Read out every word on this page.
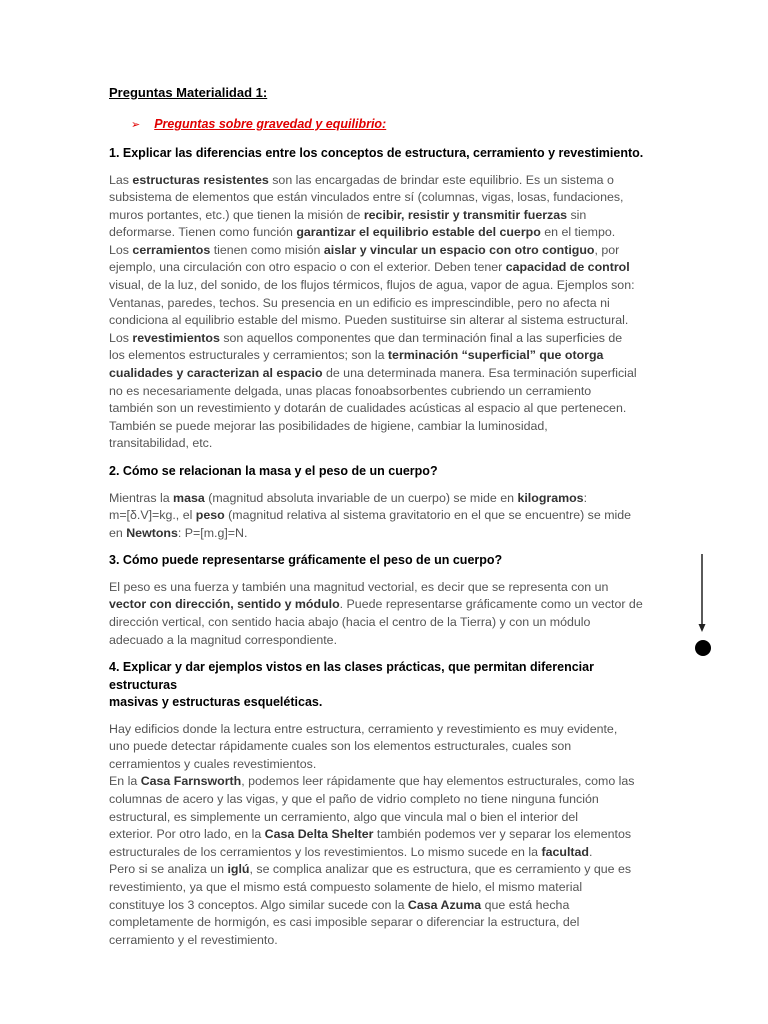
Preguntas Materialidad 1:
➢ Preguntas sobre gravedad y equilibrio:
1. Explicar las diferencias entre los conceptos de estructura, cerramiento y revestimiento.

Las estructuras resistentes son las encargadas de brindar este equilibrio. Es un sistema o
subsistema de elementos que están vinculados entre sí (columnas, vigas, losas, fundaciones,
muros portantes, etc.) que tienen la misión de recibir, resistir y transmitir fuerzas sin
deformarse. Tienen como función garantizar el equilibrio estable del cuerpo en el tiempo.
Los cerramientos tienen como misión aislar y vincular un espacio con otro contiguo, por
ejemplo, una circulación con otro espacio o con el exterior. Deben tener capacidad de control
visual, de la luz, del sonido, de los flujos térmicos, flujos de agua, vapor de agua. Ejemplos son:
Ventanas, paredes, techos. Su presencia en un edificio es imprescindible, pero no afecta ni
condiciona al equilibrio estable del mismo. Pueden sustituirse sin alterar al sistema estructural.
Los revestimientos son aquellos componentes que dan terminación final a las superficies de
los elementos estructurales y cerramientos; son la terminación “superficial” que otorga
cualidades y caracterizan al espacio de una determinada manera. Esa terminación superficial
no es necesariamente delgada, unas placas fonoabsorbentes cubriendo un cerramiento
también son un revestimiento y dotarán de cualidades acústicas al espacio al que pertenecen.
También se puede mejorar las posibilidades de higiene, cambiar la luminosidad,
transitabilidad, etc.

2. Cómo se relacionan la masa y el peso de un cuerpo?

Mientras la masa (magnitud absoluta invariable de un cuerpo) se mide en kilogramos:
m=[δ.V]=kg., el peso (magnitud relativa al sistema gravitatorio en el que se encuentre) se mide
en Newtons: P=[m.g]=N.

3. Cómo puede representarse gráficamente el peso de un cuerpo?

El peso es una fuerza y también una magnitud vectorial, es decir que se representa con un
vector con dirección, sentido y módulo. Puede representarse gráficamente como un vector de
dirección vertical, con sentido hacia abajo (hacia el centro de la Tierra) y con un módulo
adecuado a la magnitud correspondiente.

4. Explicar y dar ejemplos vistos en las clases prácticas, que permitan diferenciar estructuras
masivas y estructuras esqueléticas.

Hay edificios donde la lectura entre estructura, cerramiento y revestimiento es muy evidente,
uno puede detectar rápidamente cuales son los elementos estructurales, cuales son
cerramientos y cuales revestimientos.
En la Casa Farnsworth, podemos leer rápidamente que hay elementos estructurales, como las
columnas de acero y las vigas, y que el paño de vidrio completo no tiene ninguna función
estructural, es simplemente un cerramiento, algo que vincula mal o bien el interior del
exterior. Por otro lado, en la Casa Delta Shelter también podemos ver y separar los elementos
estructurales de los cerramientos y los revestimientos. Lo mismo sucede en la facultad.
Pero si se analiza un iglú, se complica analizar que es estructura, que es cerramiento y que es
revestimiento, ya que el mismo está compuesto solamente de hielo, el mismo material
constituye los 3 conceptos. Algo similar sucede con la Casa Azuma que está hecha
completamente de hormigón, es casi imposible separar o diferenciar la estructura, del
cerramiento y el revestimiento.
